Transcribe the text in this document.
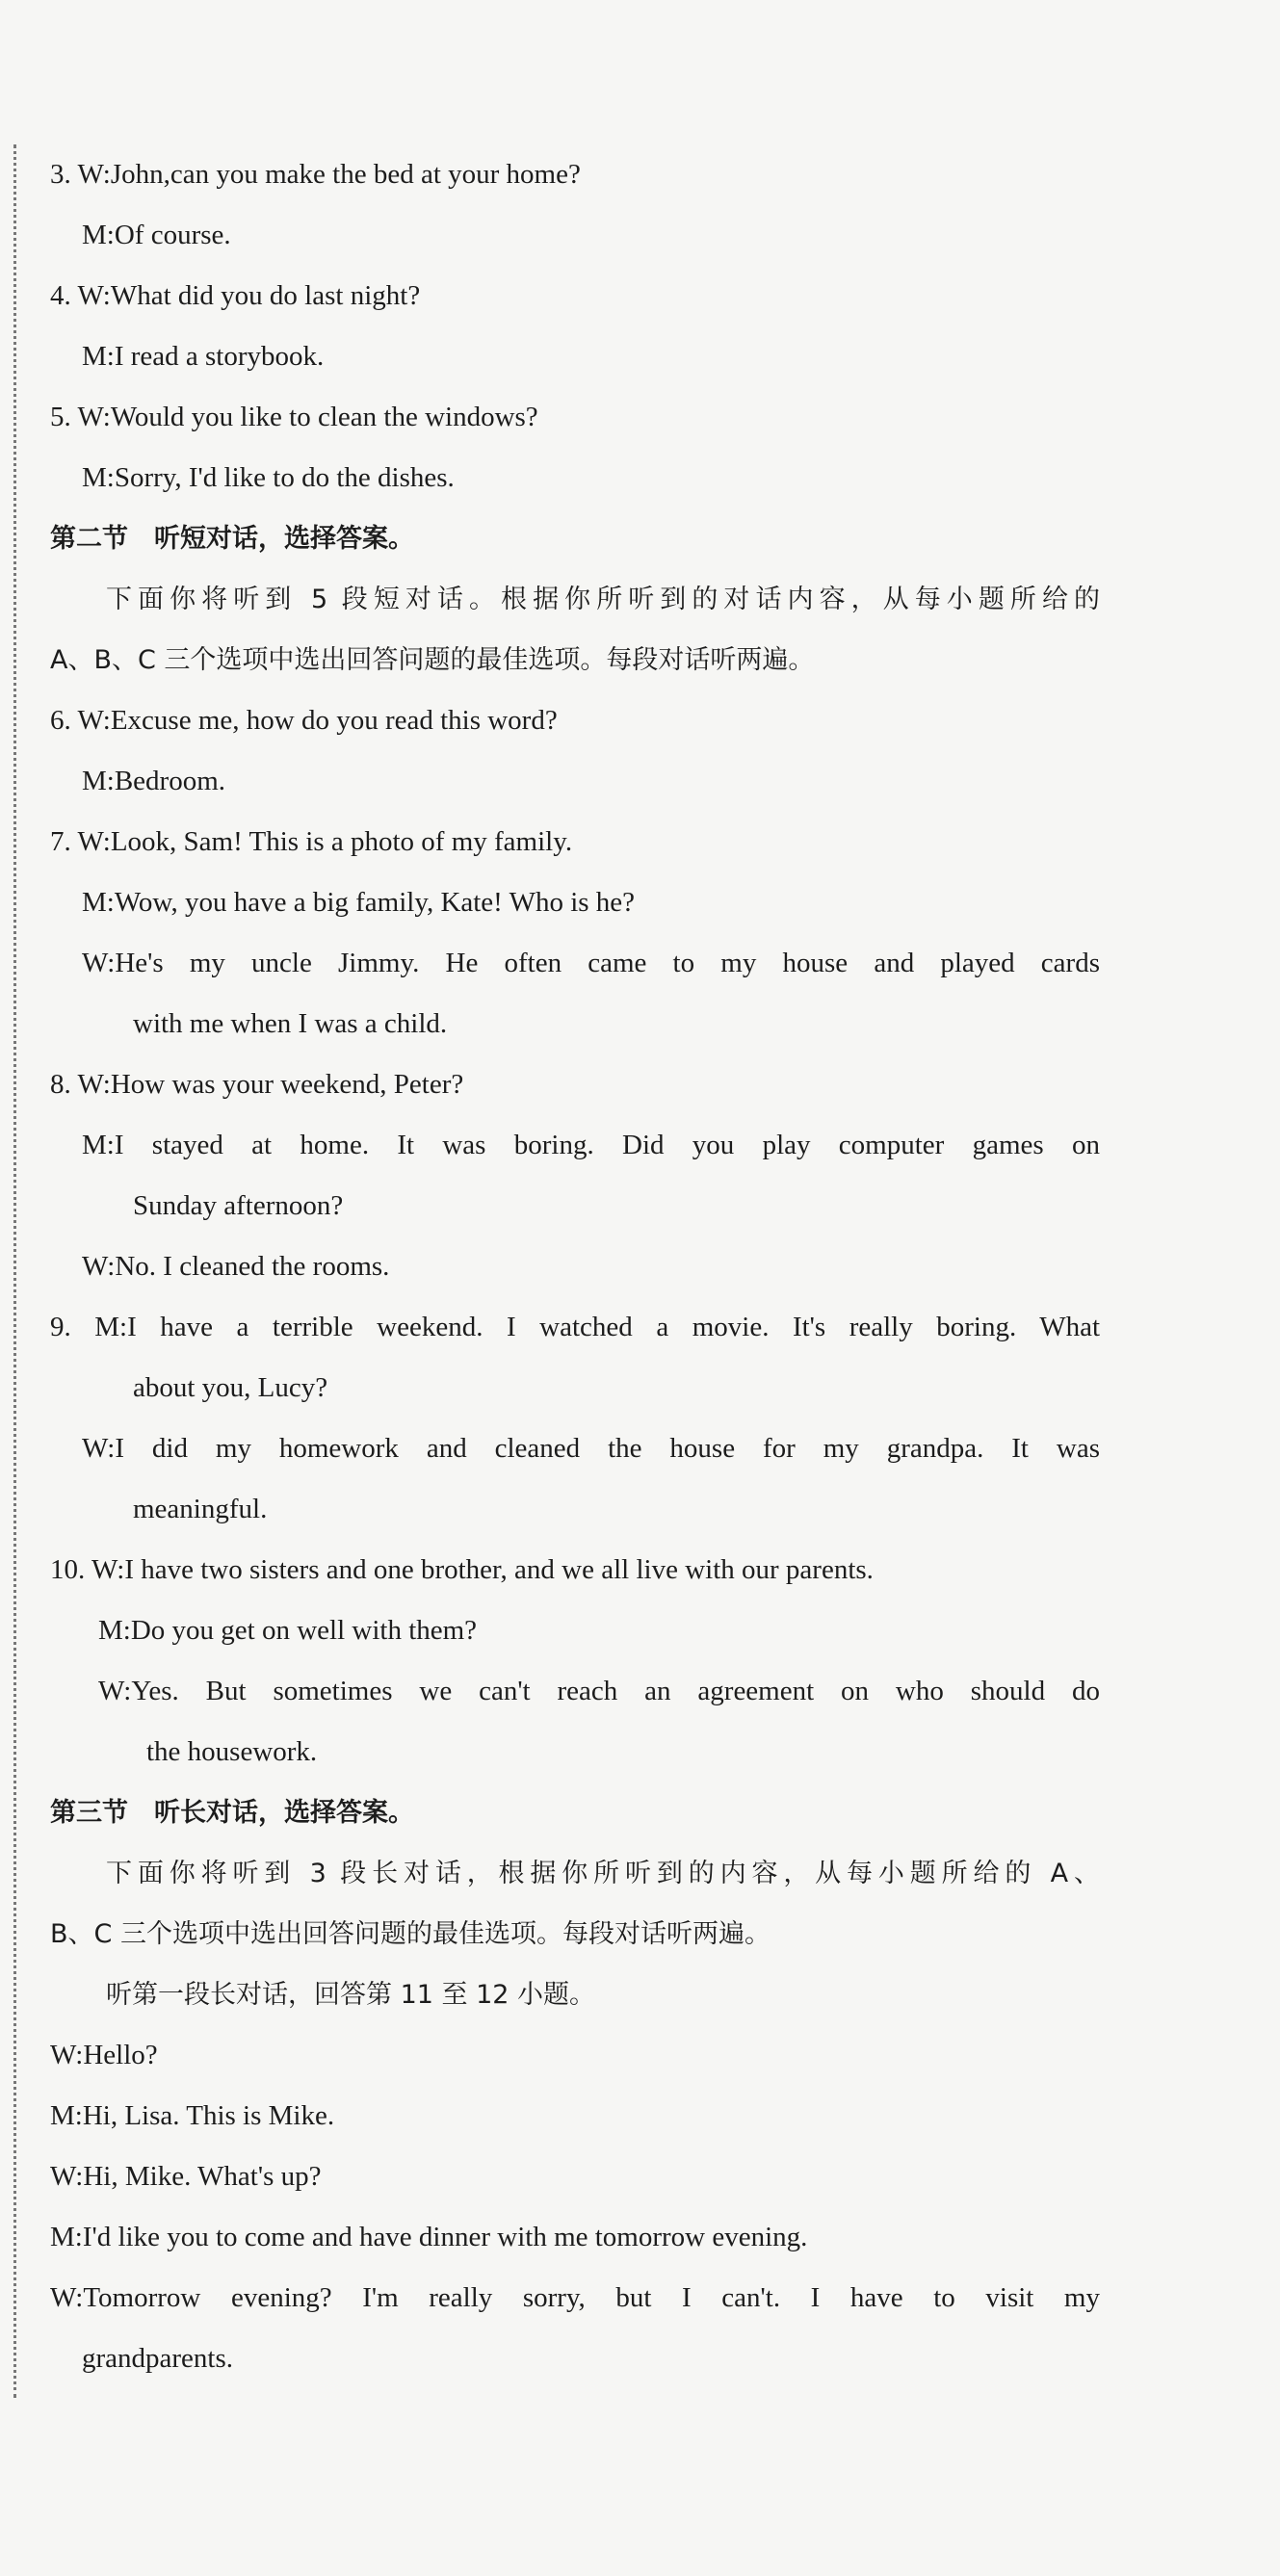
3. W:John,can you make the bed at your home?
M:Of course.
4. W:What did you do last night?
M:I read a storybook.
5. W:Would you like to clean the windows?
M:Sorry, I'd like to do the dishes.
第二节　听短对话，选择答案。
下面你将听到 5 段短对话。根据你所听到的对话内容，从每小题所给的
A、B、C 三个选项中选出回答问题的最佳选项。每段对话听两遍。
6. W:Excuse me, how do you read this word?
M:Bedroom.
7. W:Look, Sam! This is a photo of my family.
M:Wow, you have a big family, Kate! Who is he?
W:He's my uncle Jimmy. He often came to my house and played cards
with me when I was a child.
8. W:How was your weekend, Peter?
M:I stayed at home. It was boring. Did you play computer games on
Sunday afternoon?
W:No. I cleaned the rooms.
9. M:I have a terrible weekend. I watched a movie. It's really boring. What
about you, Lucy?
W:I did my homework and cleaned the house for my grandpa. It was
meaningful.
10. W:I have two sisters and one brother, and we all live with our parents.
M:Do you get on well with them?
W:Yes. But sometimes we can't reach an agreement on who should do
the housework.
第三节　听长对话，选择答案。
下面你将听到 3 段长对话，根据你所听到的内容，从每小题所给的 A、
B、C 三个选项中选出回答问题的最佳选项。每段对话听两遍。
听第一段长对话，回答第 11 至 12 小题。
W:Hello?
M:Hi, Lisa. This is Mike.
W:Hi, Mike. What's up?
M:I'd like you to come and have dinner with me tomorrow evening.
W:Tomorrow evening? I'm really sorry, but I can't. I have to visit my
grandparents.
